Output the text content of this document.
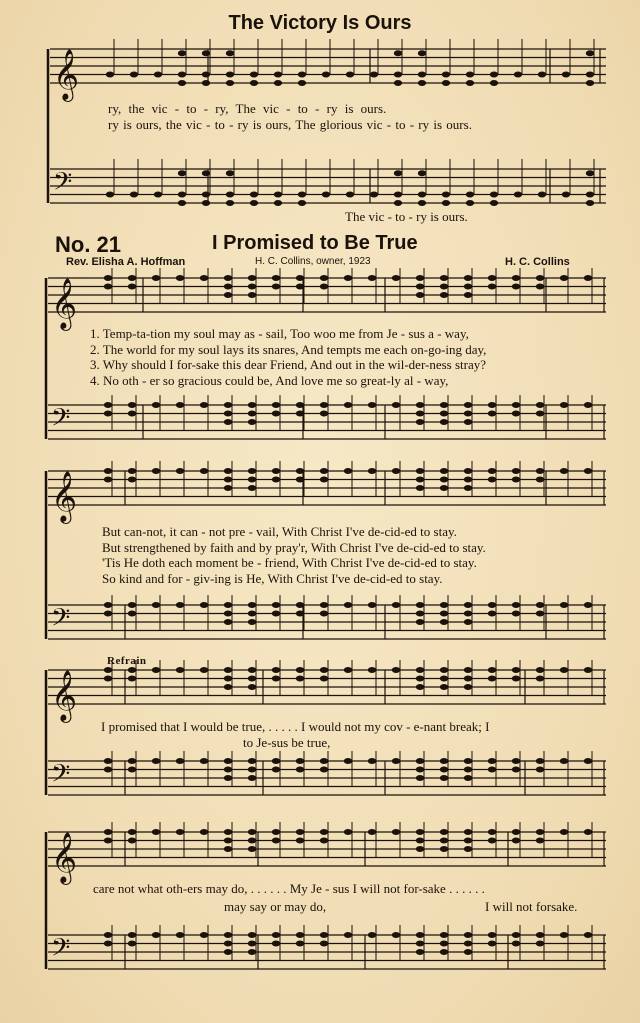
𝄞
𝄢
𝄞
𝄢
𝄞
𝄢
𝄞
𝄢
𝄞
𝄢
The Victory Is Ours
ry, the vic - to - ry, The vic - to - ry is ours.
ry is ours, the vic - to - ry is ours, The glorious vic - to - ry is ours.
The vic - to - ry is ours.
No. 21	I Promised to Be True
Rev. Elisha A. Hoffman	H. C. Collins, owner, 1923	H. C. Collins
1. Temp-ta-tion my soul may as - sail, Too woo me from Je - sus a - way,
2. The world for my soul lays its snares, And tempts me each on-go-ing day,
3. Why should I for-sake this dear Friend, And out in the wil-der-ness stray?
4. No oth - er so gracious could be, And love me so great-ly al - way,
But can-not, it can - not pre - vail, With Christ I've de-cid-ed to stay.
But strengthened by faith and by pray'r, With Christ I've de-cid-ed to stay.
'Tis He doth each moment be - friend, With Christ I've de-cid-ed to stay.
So kind and for - giv-ing is He, With Christ I've de-cid-ed to stay.
Refrain
I promised that I would be true, . . . . . I would not my cov - e-nant break; I
to Je-sus be true,
care not what oth-ers may do, . . . . . . My Je - sus I will not for-sake . . . . . .
may say or may do,	I will not forsake.
